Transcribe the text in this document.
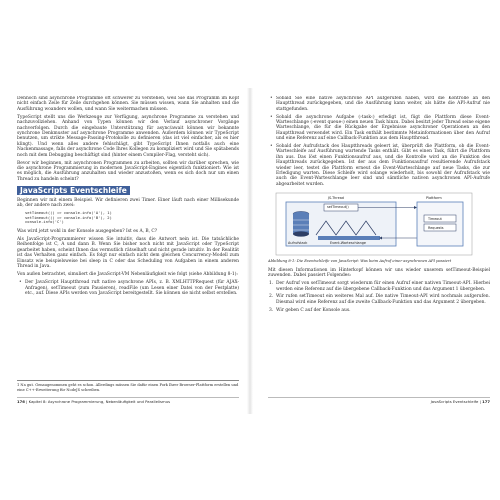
Dennoch sind asynchrone Programme oft schwerer zu verstehen, weil Sie das Programm im Kopf nicht einfach Zeile für Zeile durchgehen können. Sie müssen wissen, wann Sie anhalten und die Ausführung woanders wollen, und wann Sie weitermachen müssen.

TypeScript stellt uns die Werkzeuge zur Verfügung, asynchrone Programme zu verstehen und nachzuvollziehen. Anhand von Typen können wir den Verlauf asynchroner Vorgänge nachverfolgen. Durch die eingebaute Unterstützung für async/await können wir bekannte synchrone Denkmuster auf asynchrone Programme anwenden. Außerdem können wir TypeScript benutzen, um strikte Message-Passing-Protokolle zu definieren (das ist viel einfacher, als es hier klingt). Und wenn alles andere fehlschlägt, gibt TypeScript Ihnen notfalls auch eine Nackenmassage, falls der asynchrone Code Ihres Kollegen zu kompliziert wird und Sie spätabends noch mit dem Debugging beschäftigt sind (hinter einem Compiler-Flag, versteht sich).

Bevor wir beginnen, mit asynchronen Programmen zu arbeiten, sollten wir darüber sprechen, wie die asynchrone Programmierung in modernen JavaScript-Engines eigentlich funktioniert: Wie ist es möglich, die Ausführung anzuhalten und wieder anzustoßen, wenn es sich doch nur um einen Thread zu handeln scheint?

JavaScripts Eventschleife

Beginnen wir mit einem Beispiel. Wir definieren zwei Timer. Einer läuft nach einer Millisekunde ab, der andere nach zwei:

setTimeout(() => console.info('A'), 1)
setTimeout(() => console.info('B'), 2)
console.info('C')

Was wird jetzt wohl in der Konsole ausgegeben? Ist es A, B, C?

Als JavaScript-Programmierer wissen Sie intuitiv, dass die Antwort nein ist. Die tatsächliche Reihenfolge ist C, A und dann B. Wenn Sie bisher noch nicht mit JavaScript oder TypeScript gearbeitet haben, scheint Ihnen das vermutlich rätselhaft und nicht gerade intuitiv. In der Realität ist das Verhalten ganz einfach. Es folgt nur einfach nicht dem gleichen Concurrency-Modell zum Einsatz wie beispielsweise bei sleep in C oder das Scheduling von Aufgaben in einem anderen Thread in Java.

Von außen betrachtet, simuliert die JavaScript-VM Nebenläufigkeit wie folgt (siehe Abbildung 8-1):

• Der JavaScript Hauptthread ruft native asynchrone APIs, z. B. XMLHTTPRequest (für AJAX-Anfragen), setTimeout (zum Pausieren), readFile (um Lesen einer Datei von der Festplatte) etc., auf. Diese APIs werden von JavaScript bereitgestellt. Sie können sie nicht selbst erstellen.
1 Na gut. Genaugenommen geht es schon. Allerdings müssen Sie dafür einen Fork Ihrer Browser-Plattform erstellen und eine C++-Erweiterung für NodeJS schreiben.
176 | Kapitel 8: Asynchrone Programmierung, Nebenläufigkeit und Parallelismus
• Sobald Sie eine native asynchrone API aufgerufen haben, wird die Kontrolle an den Hauptthread zurückgegeben, und die Ausführung kann weiter, als hätte die API-Aufruf nie stattgefunden.
• Sobald die asynchrone Aufgabe (›task‹) erledigt ist, fügt die Plattform diese Event-Warteschlange (›event queue‹) einen neuen Task hinzu. Dabei besitzt jeder Thread seine eigene Warteschlange, die für die Rückgabe der Ergebnisse asynchroner Operationen an den Hauptthread verwendet wird. Ein Task enthält bestimmte Metainformationen über den Aufruf und eine Referenz auf eine Callback-Funktion aus dem Hauptthread.
• Sobald der Aufrufstack des Hauptthreads geleert ist, überprüft die Plattform, ob die Event-Warteschleife auf Ausführung wartende Tasks enthält. Gibt es einen Task, führt die Plattform ihn aus. Das löst einen Funktionsaufruf aus, und die Kontrolle wird an die Funktion des Hauptthreads zurückgegeben. Ist der aus dem Funktionsaufruf resultierende Aufrufstack wieder leer, testet die Plattform erneut die Event-Warteschlange auf neue Tasks, die zur Erledigung warten. Diese Schleife wird solange wiederholt, bis sowohl der Aufrufstack wie auch die Event-Warteschlange leer sind und sämtliche nativen asynchronen API-Aufrufe abgearbeitet wurden.
JS-Thread
setTimeout()
Plattform
Timeout
Requests
Aufrufstack	Event-Warteschlange
Abbildung 8-1: Die Eventschleife von JavaScript: Was beim Aufruf einer asynchronen API passiert

Mit diesen Informationen im Hinterkopf können wir uns wieder unserem setTimeout-Beispiel zuwenden. Dabei passiert Folgendes:

1. Der Aufruf von setTimeout sorgt wiederum für einen Aufruf einer nativen Timeout-API. Hierbei werden eine Referenz auf die übergebene Callback-Funktion und das Argument 1 übergeben.
2. Wir rufen setTimeout ein weiteres Mal auf. Die native Timeout-API wird nochmals aufgerufen. Diesmal wird eine Referenz auf die zweite Callback-Funktion und das Argument 2 übergeben.
3. Wir geben C auf der Konsole aus.
JavaScripts Eventschleife | 177
